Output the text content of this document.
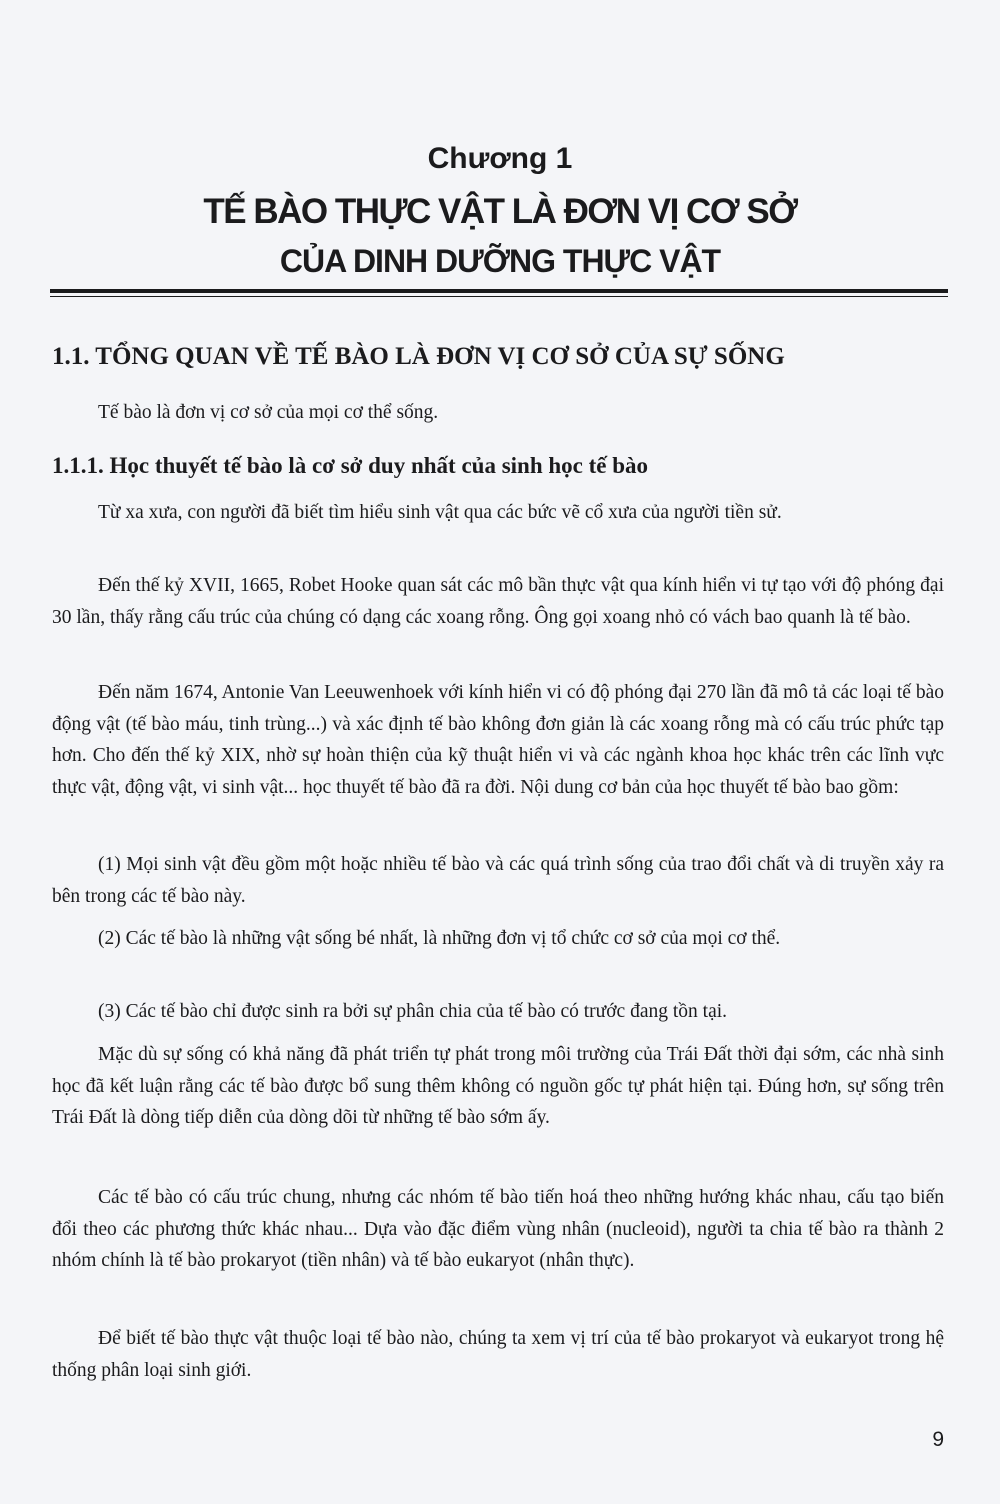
Chương 1
TẾ BÀO THỰC VẬT LÀ ĐƠN VỊ CƠ SỞ
CỦA DINH DƯỠNG THỰC VẬT
1.1. TỔNG QUAN VỀ TẾ BÀO LÀ ĐƠN VỊ CƠ SỞ CỦA SỰ SỐNG

Tế bào là đơn vị cơ sở của mọi cơ thể sống.

1.1.1. Học thuyết tế bào là cơ sở duy nhất của sinh học tế bào

Từ xa xưa, con người đã biết tìm hiểu sinh vật qua các bức vẽ cổ xưa của người tiền sử.

Đến thế kỷ XVII, 1665, Robet Hooke quan sát các mô bần thực vật qua kính hiển vi tự tạo với độ phóng đại 30 lần, thấy rằng cấu trúc của chúng có dạng các xoang rỗng. Ông gọi xoang nhỏ có vách bao quanh là tế bào.

Đến năm 1674, Antonie Van Leeuwenhoek với kính hiển vi có độ phóng đại 270 lần đã mô tả các loại tế bào động vật (tế bào máu, tinh trùng...) và xác định tế bào không đơn giản là các xoang rỗng mà có cấu trúc phức tạp hơn. Cho đến thế kỷ XIX, nhờ sự hoàn thiện của kỹ thuật hiển vi và các ngành khoa học khác trên các lĩnh vực thực vật, động vật, vi sinh vật... học thuyết tế bào đã ra đời. Nội dung cơ bản của học thuyết tế bào bao gồm:

(1) Mọi sinh vật đều gồm một hoặc nhiều tế bào và các quá trình sống của trao đổi chất và di truyền xảy ra bên trong các tế bào này.

(2) Các tế bào là những vật sống bé nhất, là những đơn vị tổ chức cơ sở của mọi cơ thể.

(3) Các tế bào chỉ được sinh ra bởi sự phân chia của tế bào có trước đang tồn tại.

Mặc dù sự sống có khả năng đã phát triển tự phát trong môi trường của Trái Đất thời đại sớm, các nhà sinh học đã kết luận rằng các tế bào được bổ sung thêm không có nguồn gốc tự phát hiện tại. Đúng hơn, sự sống trên Trái Đất là dòng tiếp diễn của dòng dõi từ những tế bào sớm ấy.

Các tế bào có cấu trúc chung, nhưng các nhóm tế bào tiến hoá theo những hướng khác nhau, cấu tạo biến đổi theo các phương thức khác nhau... Dựa vào đặc điểm vùng nhân (nucleoid), người ta chia tế bào ra thành 2 nhóm chính là tế bào prokaryot (tiền nhân) và tế bào eukaryot (nhân thực).

Để biết tế bào thực vật thuộc loại tế bào nào, chúng ta xem vị trí của tế bào prokaryot và eukaryot trong hệ thống phân loại sinh giới.

9
